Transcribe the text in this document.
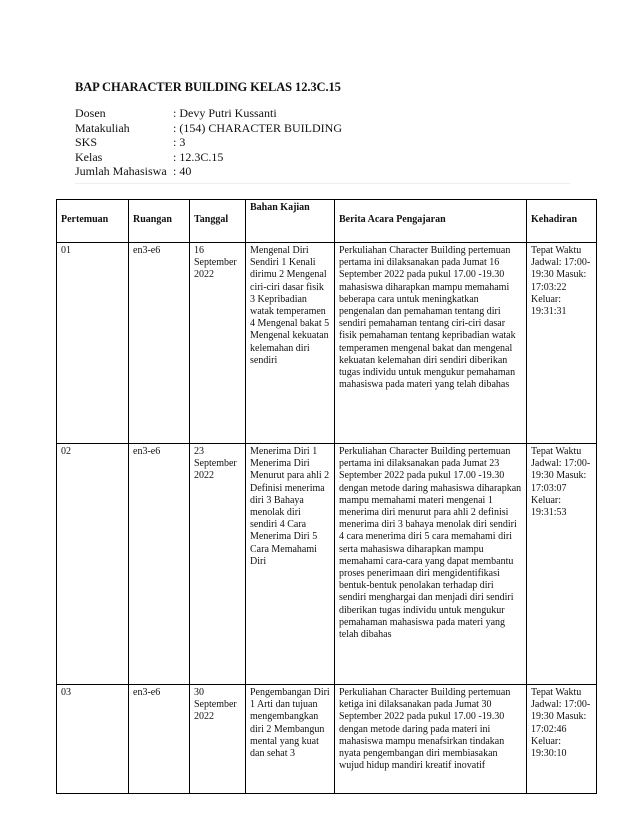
BAP CHARACTER BUILDING KELAS 12.3C.15
Dosen	: Devy Putri Kussanti
Matakuliah	: (154) CHARACTER BUILDING
SKS	: 3
Kelas	: 12.3C.15
Jumlah Mahasiswa : 40
Pertemuan	Ruangan	Tanggal	Bahan Kajian	Berita Acara Pengajaran	Kehadiran

01	en3-e6	16 September 2022	Mengenal Diri Sendiri 1 Kenali dirimu 2 Mengenal ciri-ciri dasar fisik 3 Kepribadian watak temperamen 4 Mengenal bakat 5 Mengenal kekuatan kelemahan diri sendiri	Perkuliahan Character Building pertemuan pertama ini dilaksanakan pada Jumat 16 September 2022 pada pukul 17.00 -19.30 mahasiswa diharapkan mampu memahami beberapa cara untuk meningkatkan pengenalan dan pemahaman tentang diri sendiri pemahaman tentang ciri-ciri dasar fisik pemahaman tentang kepribadian watak temperamen mengenal bakat dan mengenal kekuatan kelemahan diri sendiri diberikan tugas individu untuk mengukur pemahaman mahasiswa pada materi yang telah dibahas	Tepat Waktu Jadwal: 17:00-19:30 Masuk: 17:03:22 Keluar: 19:31:31
02	en3-e6	23 September 2022	Menerima Diri 1 Menerima Diri Menurut para ahli 2 Definisi menerima diri 3 Bahaya menolak diri sendiri 4 Cara Menerima Diri 5 Cara Memahami Diri	Perkuliahan Character Building pertemuan pertama ini dilaksanakan pada Jumat 23 September 2022 pada pukul 17.00 -19.30 dengan metode daring mahasiswa diharapkan mampu memahami materi mengenai 1 menerima diri menurut para ahli 2 definisi menerima diri 3 bahaya menolak diri sendiri 4 cara menerima diri 5 cara memahami diri serta mahasiswa diharapkan mampu memahami cara-cara yang dapat membantu proses penerimaan diri mengidentifikasi bentuk-bentuk penolakan terhadap diri sendiri menghargai dan menjadi diri sendiri diberikan tugas individu untuk mengukur pemahaman mahasiswa pada materi yang telah dibahas	Tepat Waktu Jadwal: 17:00-19:30 Masuk: 17:03:07 Keluar: 19:31:53
03	en3-e6	30 September 2022	Pengembangan Diri 1 Arti dan tujuan mengembangkan diri 2 Membangun mental yang kuat dan sehat 3	Perkuliahan Character Building pertemuan ketiga ini dilaksanakan pada Jumat 30 September 2022 pada pukul 17.00 -19.30 dengan metode daring pada materi ini mahasiswa mampu menafsirkan tindakan nyata pengembangan diri membiasakan wujud hidup mandiri kreatif inovatif	Tepat Waktu Jadwal: 17:00-19:30 Masuk: 17:02:46 Keluar: 19:30:10
